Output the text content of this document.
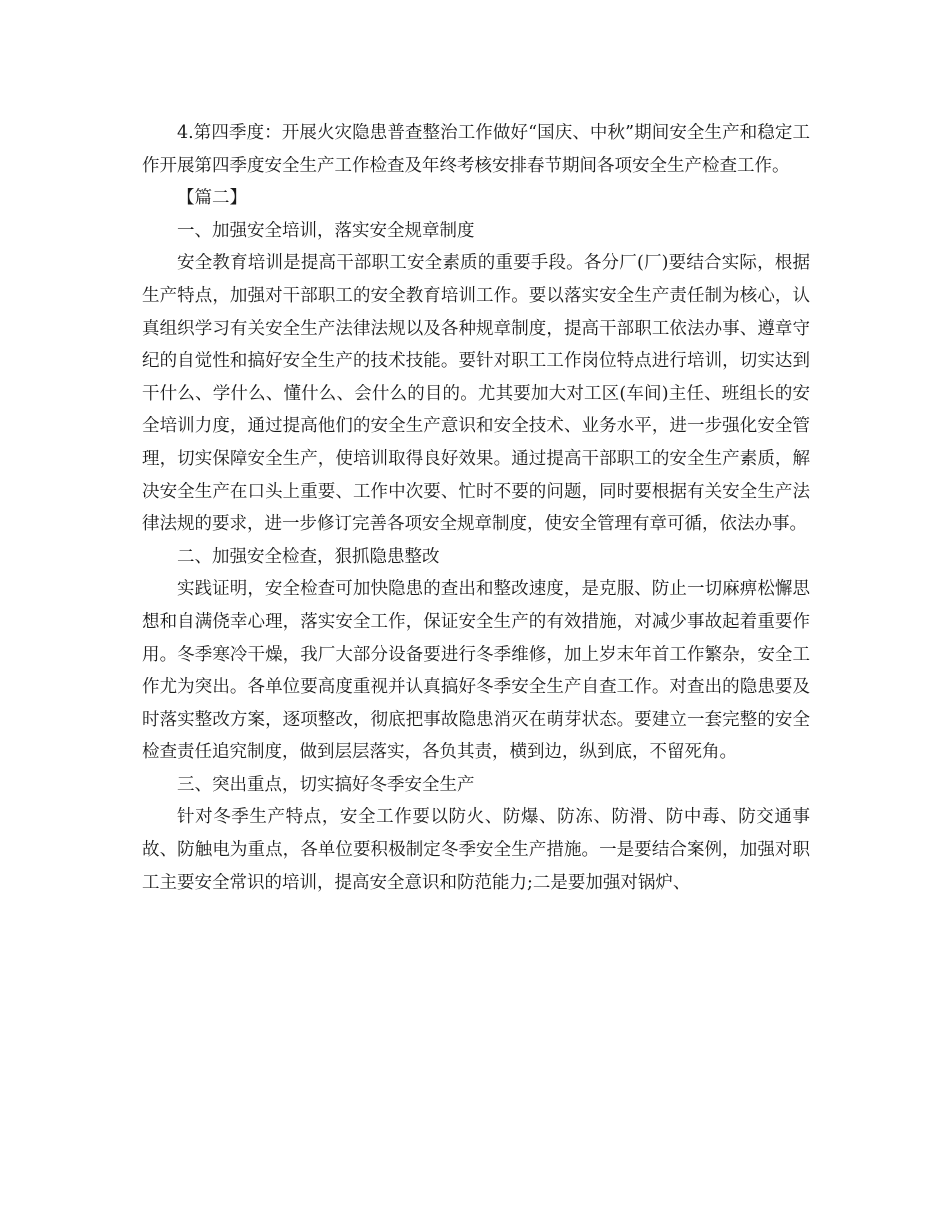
4.第四季度：开展火灾隐患普查整治工作做好“国庆、中秋”期间安全生产和稳定工作开展第四季度安全生产工作检查及年终考核安排春节期间各项安全生产检查工作。

【篇二】

一、加强安全培训，落实安全规章制度

安全教育培训是提高干部职工安全素质的重要手段。各分厂(厂)要结合实际，根据生产特点，加强对干部职工的安全教育培训工作。要以落实安全生产责任制为核心，认真组织学习有关安全生产法律法规以及各种规章制度，提高干部职工依法办事、遵章守纪的自觉性和搞好安全生产的技术技能。要针对职工工作岗位特点进行培训，切实达到干什么、学什么、懂什么、会什么的目的。尤其要加大对工区(车间)主任、班组长的安全培训力度，通过提高他们的安全生产意识和安全技术、业务水平，进一步强化安全管理，切实保障安全生产，使培训取得良好效果。通过提高干部职工的安全生产素质，解决安全生产在口头上重要、工作中次要、忙时不要的问题，同时要根据有关安全生产法律法规的要求，进一步修订完善各项安全规章制度，使安全管理有章可循，依法办事。

二、加强安全检查，狠抓隐患整改

实践证明，安全检查可加快隐患的查出和整改速度，是克服、防止一切麻痹松懈思想和自满侥幸心理，落实安全工作，保证安全生产的有效措施，对减少事故起着重要作用。冬季寒冷干燥，我厂大部分设备要进行冬季维修，加上岁末年首工作繁杂，安全工作尤为突出。各单位要高度重视并认真搞好冬季安全生产自查工作。对查出的隐患要及时落实整改方案，逐项整改，彻底把事故隐患消灭在萌芽状态。要建立一套完整的安全检查责任追究制度，做到层层落实，各负其责，横到边，纵到底，不留死角。

三、突出重点，切实搞好冬季安全生产

针对冬季生产特点，安全工作要以防火、防爆、防冻、防滑、防中毒、防交通事故、防触电为重点，各单位要积极制定冬季安全生产措施。一是要结合案例，加强对职工主要安全常识的培训，提高安全意识和防范能力;二是要加强对锅炉、
